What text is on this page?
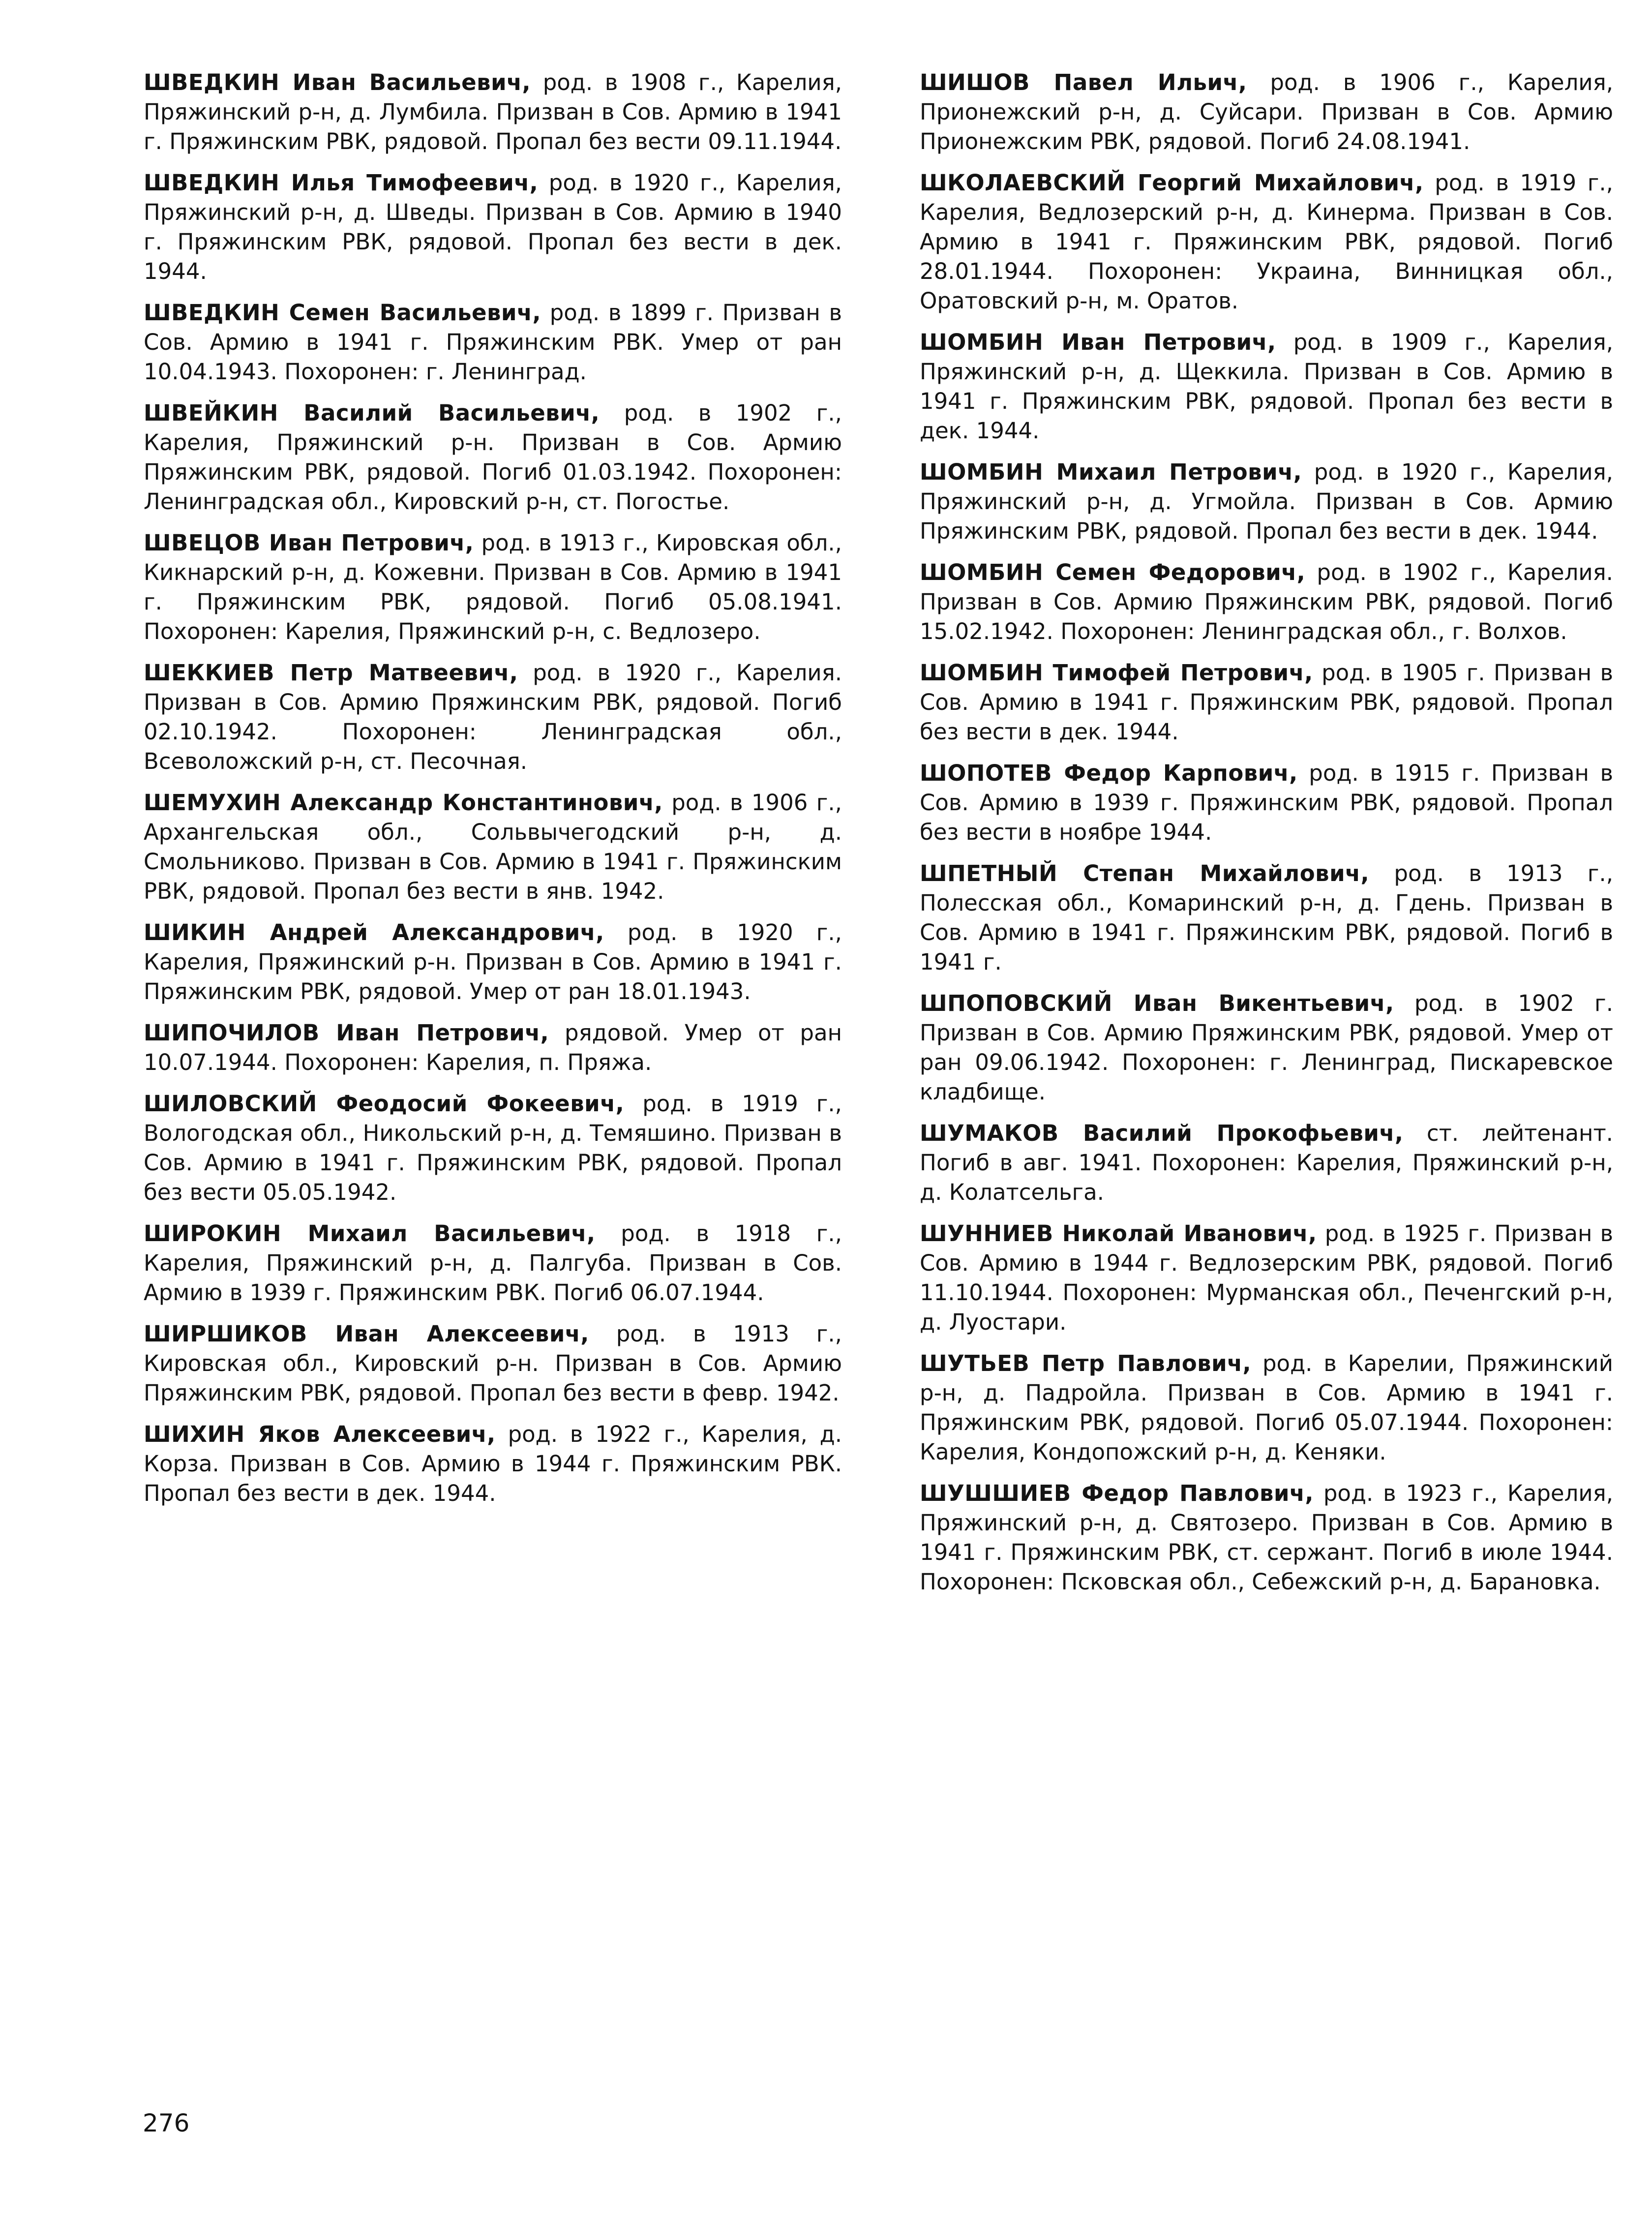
ШВЕДКИН Иван Васильевич, род. в 1908 г., Карелия, Пряжинский р-н, д. Лумбила. Призван в Сов. Армию в 1941 г. Пряжинским РВК, рядовой. Пропал без вести 09.11.1944.

ШВЕДКИН Илья Тимофеевич, род. в 1920 г., Карелия, Пряжинский р-н, д. Шведы. Призван в Сов. Армию в 1940 г. Пряжинским РВК, рядовой. Пропал без вести в дек. 1944.

ШВЕДКИН Семен Васильевич, род. в 1899 г. Призван в Сов. Армию в 1941 г. Пряжинским РВК. Умер от ран 10.04.1943. Похоронен: г. Ленинград.

ШВЕЙКИН Василий Васильевич, род. в 1902 г., Карелия, Пряжинский р-н. Призван в Сов. Армию Пряжинским РВК, рядовой. Погиб 01.03.1942. Похоронен: Ленинградская обл., Кировский р-н, ст. Погостье.

ШВЕЦОВ Иван Петрович, род. в 1913 г., Кировская обл., Кикнарский р-н, д. Кожевни. Призван в Сов. Армию в 1941 г. Пряжинским РВК, рядовой. Погиб 05.08.1941. Похоронен: Карелия, Пряжинский р-н, с. Ведлозеро.

ШЕККИЕВ Петр Матвеевич, род. в 1920 г., Карелия. Призван в Сов. Армию Пряжинским РВК, рядовой. Погиб 02.10.1942. Похоронен: Ленинградская обл., Всеволожский р-н, ст. Песочная.

ШЕМУХИН Александр Константинович, род. в 1906 г., Архангельская обл., Сольвычегодский р-н, д. Смольниково. Призван в Сов. Армию в 1941 г. Пряжинским РВК, рядовой. Пропал без вести в янв. 1942.

ШИКИН Андрей Александрович, род. в 1920 г., Карелия, Пряжинский р-н. Призван в Сов. Армию в 1941 г. Пряжинским РВК, рядовой. Умер от ран 18.01.1943.

ШИПОЧИЛОВ Иван Петрович, рядовой. Умер от ран 10.07.1944. Похоронен: Карелия, п. Пряжа.

ШИЛОВСКИЙ Феодосий Фокеевич, род. в 1919 г., Вологодская обл., Никольский р-н, д. Темяшино. Призван в Сов. Армию в 1941 г. Пряжинским РВК, рядовой. Пропал без вести 05.05.1942.

ШИРОКИН Михаил Васильевич, род. в 1918 г., Карелия, Пряжинский р-н, д. Палгуба. Призван в Сов. Армию в 1939 г. Пряжинским РВК. Погиб 06.07.1944.

ШИРШИКОВ Иван Алексеевич, род. в 1913 г., Кировская обл., Кировский р-н. Призван в Сов. Армию Пряжинским РВК, рядовой. Пропал без вести в февр. 1942.

ШИХИН Яков Алексеевич, род. в 1922 г., Карелия, д. Корза. Призван в Сов. Армию в 1944 г. Пряжинским РВК. Пропал без вести в дек. 1944.

ШИШОВ Павел Ильич, род. в 1906 г., Карелия, Прионежский р-н, д. Суйсари. Призван в Сов. Армию Прионежским РВК, рядовой. Погиб 24.08.1941.

ШКОЛАЕВСКИЙ Георгий Михайлович, род. в 1919 г., Карелия, Ведлозерский р-н, д. Кинерма. Призван в Сов. Армию в 1941 г. Пряжинским РВК, рядовой. Погиб 28.01.1944. Похоронен: Украина, Винницкая обл., Оратовский р-н, м. Оратов.

ШОМБИН Иван Петрович, род. в 1909 г., Карелия, Пряжинский р-н, д. Щеккила. Призван в Сов. Армию в 1941 г. Пряжинским РВК, рядовой. Пропал без вести в дек. 1944.

ШОМБИН Михаил Петрович, род. в 1920 г., Карелия, Пряжинский р-н, д. Угмойла. Призван в Сов. Армию Пряжинским РВК, рядовой. Пропал без вести в дек. 1944.

ШОМБИН Семен Федорович, род. в 1902 г., Карелия. Призван в Сов. Армию Пряжинским РВК, рядовой. Погиб 15.02.1942. Похоронен: Ленинградская обл., г. Волхов.

ШОМБИН Тимофей Петрович, род. в 1905 г. Призван в Сов. Армию в 1941 г. Пряжинским РВК, рядовой. Пропал без вести в дек. 1944.

ШОПОТЕВ Федор Карпович, род. в 1915 г. Призван в Сов. Армию в 1939 г. Пряжинским РВК, рядовой. Пропал без вести в ноябре 1944.

ШПЕТНЫЙ Степан Михайлович, род. в 1913 г., Полесская обл., Комаринский р-н, д. Гдень. Призван в Сов. Армию в 1941 г. Пряжинским РВК, рядовой. Погиб в 1941 г.

ШПОПОВСКИЙ Иван Викентьевич, род. в 1902 г. Призван в Сов. Армию Пряжинским РВК, рядовой. Умер от ран 09.06.1942. Похоронен: г. Ленинград, Пискаревское кладбище.

ШУМАКОВ Василий Прокофьевич, ст. лейтенант. Погиб в авг. 1941. Похоронен: Карелия, Пряжинский р-н, д. Колатсельга.

ШУННИЕВ Николай Иванович, род. в 1925 г. Призван в Сов. Армию в 1944 г. Ведлозерским РВК, рядовой. Погиб 11.10.1944. Похоронен: Мурманская обл., Печенгский р-н, д. Луостари.

ШУТЬЕВ Петр Павлович, род. в Карелии, Пряжинский р-н, д. Падройла. Призван в Сов. Армию в 1941 г. Пряжинским РВК, рядовой. Погиб 05.07.1944. Похоронен: Карелия, Кондопожский р-н, д. Кеняки.

ШУШШИЕВ Федор Павлович, род. в 1923 г., Карелия, Пряжинский р-н, д. Святозеро. Призван в Сов. Армию в 1941 г. Пряжинским РВК, ст. сержант. Погиб в июле 1944. Похоронен: Псковская обл., Себежский р-н, д. Барановка.

276
